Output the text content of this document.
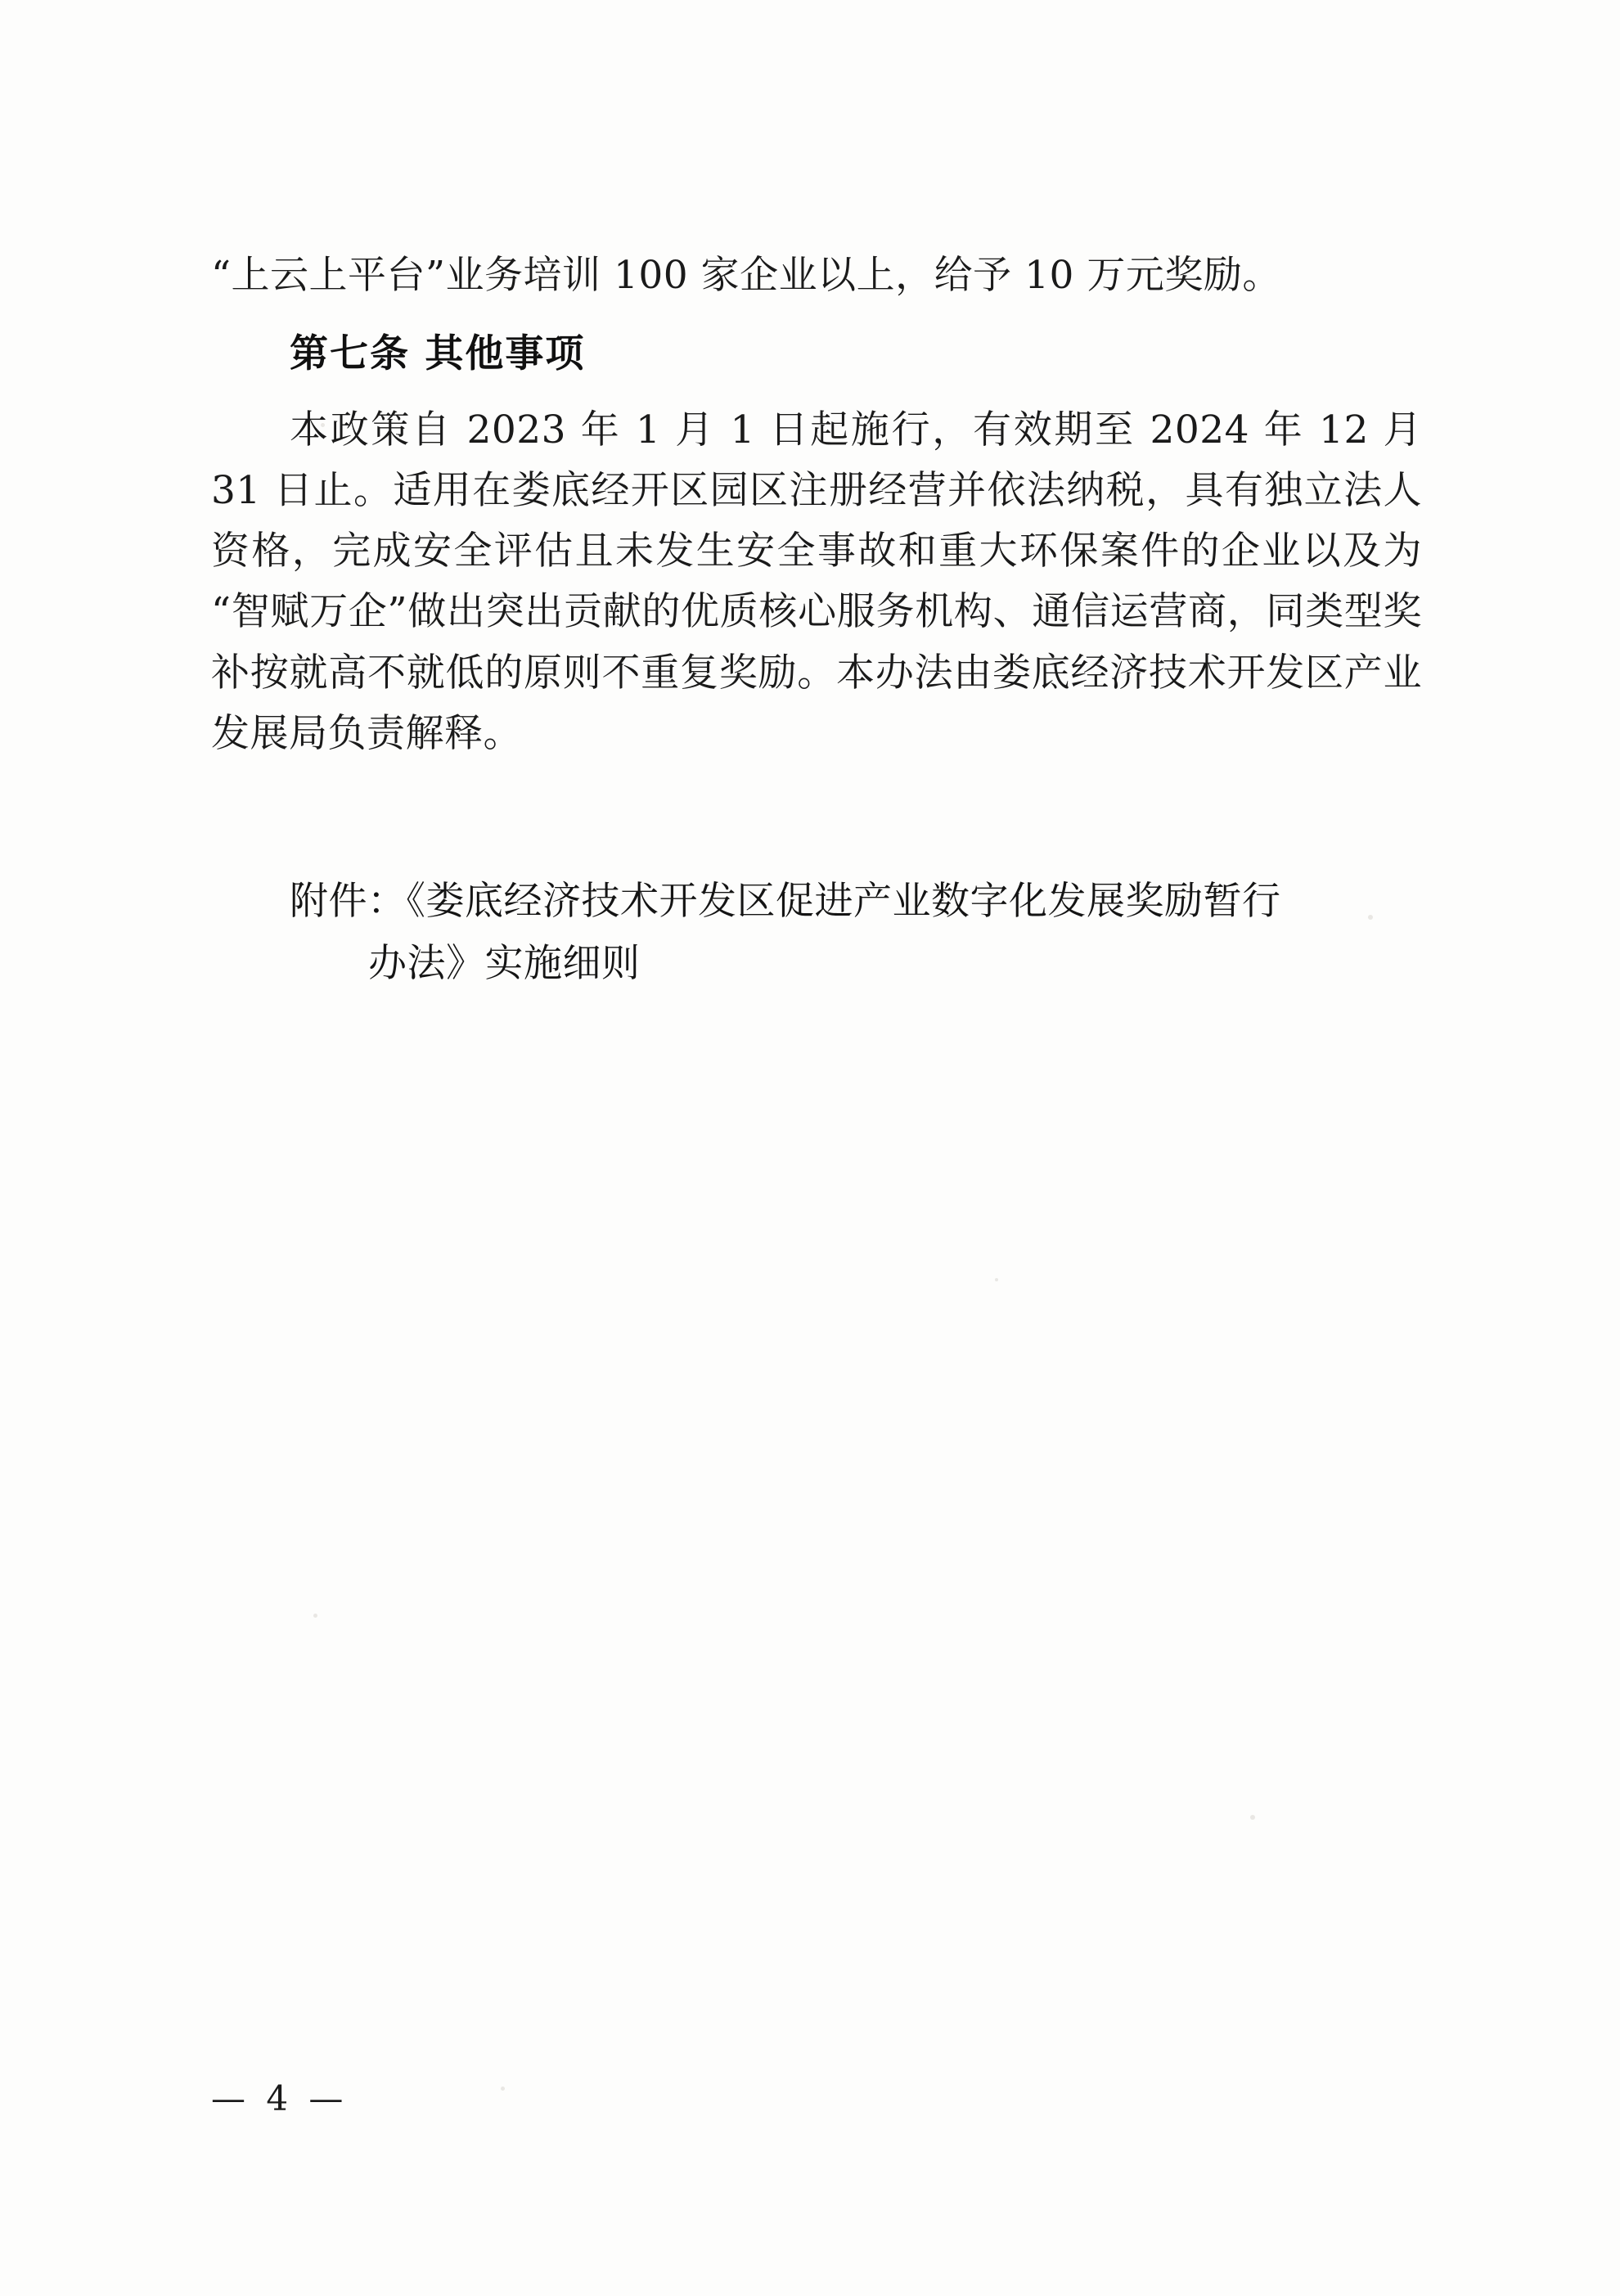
“上云上平台”业务培训 100 家企业以上，给予 10 万元奖励。

第七条 其他事项

本政策自 2023 年 1 月 1 日起施行，有效期至 2024 年 12 月 31 日止。适用在娄底经开区园区注册经营并依法纳税，具有独立法人资格，完成安全评估且未发生安全事故和重大环保案件的企业以及为“智赋万企”做出突出贡献的优质核心服务机构、通信运营商，同类型奖补按就高不就低的原则不重复奖励。本办法由娄底经济技术开发区产业发展局负责解释。

附件：《娄底经济技术开发区促进产业数字化发展奖励暂行
办法》实施细则
— 4 —
